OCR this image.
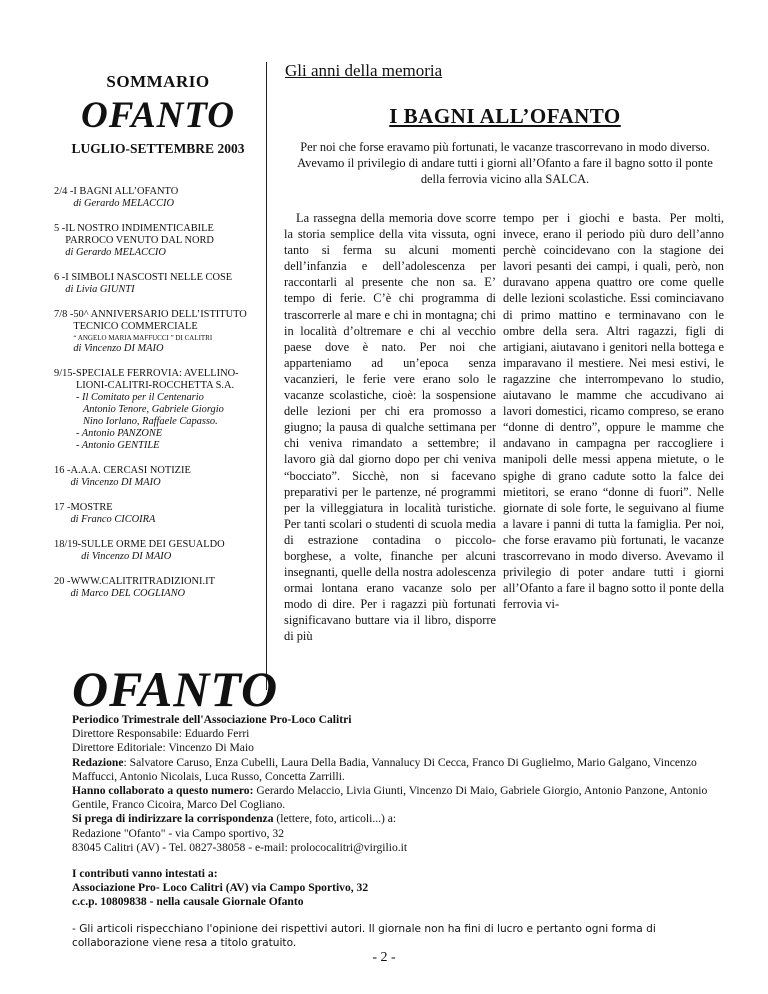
SOMMARIO
OFANTO
LUGLIO-SETTEMBRE 2003
2/4 - I BAGNI ALL’OFANTO
di Gerardo MELACCIO
5 - IL NOSTRO INDIMENTICABILE PARROCO VENUTO DAL NORD
di Gerardo MELACCIO
6 - I SIMBOLI NASCOSTI NELLE COSE
di Livia GIUNTI
7/8 - 50^ ANNIVERSARIO DELL’ISTITUTO TECNICO COMMERCIALE
“ ANGELO MARIA MAFFUCCI ” DI CALITRI
di Vincenzo DI MAIO
9/15- SPECIALE FERROVIA: AVELLINO-LIONI-CALITRI-ROCCHETTA S.A.
- Il Comitato per il Centenario
Antonio Tenore, Gabriele Giorgio
Nino Iorlano, Raffaele Capasso.
- Antonio PANZONE
- Antonio GENTILE
16 - A.A.A. CERCASI NOTIZIE
di Vincenzo DI MAIO
17 - MOSTRE
di Franco CICOIRA
18/19- SULLE ORME DEI GESUALDO
di Vincenzo DI MAIO
20 - WWW.CALITRITRADIZIONI.IT
di Marco DEL COGLIANO
Gli anni della memoria
I BAGNI ALL’OFANTO
Per noi che forse eravamo più fortunati, le vacanze trascorrevano in modo diverso. Avevamo il privilegio di andare tutti i giorni all’Ofanto a fare il bagno sotto il ponte della ferrovia vicino alla SALCA.
La rassegna della memoria dove scorre la storia semplice della vita vissuta, ogni tanto si ferma su alcuni momenti dell’infanzia e dell’adolescenza per raccontarli al presente che non sa. E’ tempo di ferie. C’è chi programma di trascorrerle al mare e chi in montagna; chi in località d’oltremare e chi al vecchio paese dove è nato. Per noi che apparteniamo ad un’epoca senza vacanzieri, le ferie vere erano solo le vacanze scolastiche, cioè: la sospensione delle lezioni per chi era promosso a giugno; la pausa di qualche settimana per chi veniva rimandato a settembre; il lavoro già dal giorno dopo per chi veniva “bocciato”. Sicchè, non si facevano preparativi per le partenze, né programmi per la villeggiatura in località turistiche. Per tanti scolari o studenti di scuola media di estrazione contadina o piccolo-borghese, a volte, finanche per alcuni insegnanti, quelle della nostra adolescenza ormai lontana erano vacanze solo per modo di dire. Per i ragazzi più fortunati significavano buttare via il libro, disporre di più
tempo per i giochi e basta. Per molti, invece, erano il periodo più duro dell’anno perchè coincidevano con la stagione dei lavori pesanti dei campi, i quali, però, non duravano appena quattro ore come quelle delle lezioni scolastiche. Essi cominciavano di primo mattino e terminavano con le ombre della sera. Altri ragazzi, figli di artigiani, aiutavano i genitori nella bottega e imparavano il mestiere. Nei mesi estivi, le ragazzine che interrompevano lo studio, aiutavano le mamme che accudivano ai lavori domestici, ricamo compreso, se erano “donne di dentro”, oppure le mamme che andavano in campagna per raccogliere i manipoli delle messi appena mietute, o le spighe di grano cadute sotto la falce dei mietitori, se erano “donne di fuori”. Nelle giornate di sole forte, le seguivano al fiume a lavare i panni di tutta la famiglia. Per noi, che forse eravamo più fortunati, le vacanze trascorrevano in modo diverso. Avevamo il privilegio di poter andare tutti i giorni all’Ofanto a fare il bagno sotto il ponte della ferrovia vi-
OFANTO

Periodico Trimestrale dell'Associazione Pro-Loco Calitri

Direttore Responsabile: Eduardo Ferri

Direttore Editoriale: Vincenzo Di Maio

Redazione: Salvatore Caruso, Enza Cubelli, Laura Della Badia, Vannalucy Di Cecca, Franco Di Guglielmo, Mario Galgano, Vincenzo Maffucci, Antonio Nicolais, Luca Russo, Concetta Zarrilli.

Hanno collaborato a questo numero: Gerardo Melaccio, Livia Giunti, Vincenzo Di Maio, Gabriele Giorgio, Antonio Panzone, Antonio Gentile, Franco Cicoira, Marco Del Cogliano.

Si prega di indirizzare la corrispondenza (lettere, foto, articoli...) a:

Redazione "Ofanto" - via Campo sportivo, 32

83045 Calitri (AV) - Tel. 0827-38058 - e-mail: prolococalitri@virgilio.it

I contributi vanno intestati a:

Associazione Pro- Loco Calitri (AV) via Campo Sportivo, 32

c.c.p. 10809838 - nella causale Giornale Ofanto

- Gli articoli rispecchiano l'opinione dei rispettivi autori. Il giornale non ha fini di lucro e pertanto ogni forma di collaborazione viene resa a titolo gratuito.

- 2 -
